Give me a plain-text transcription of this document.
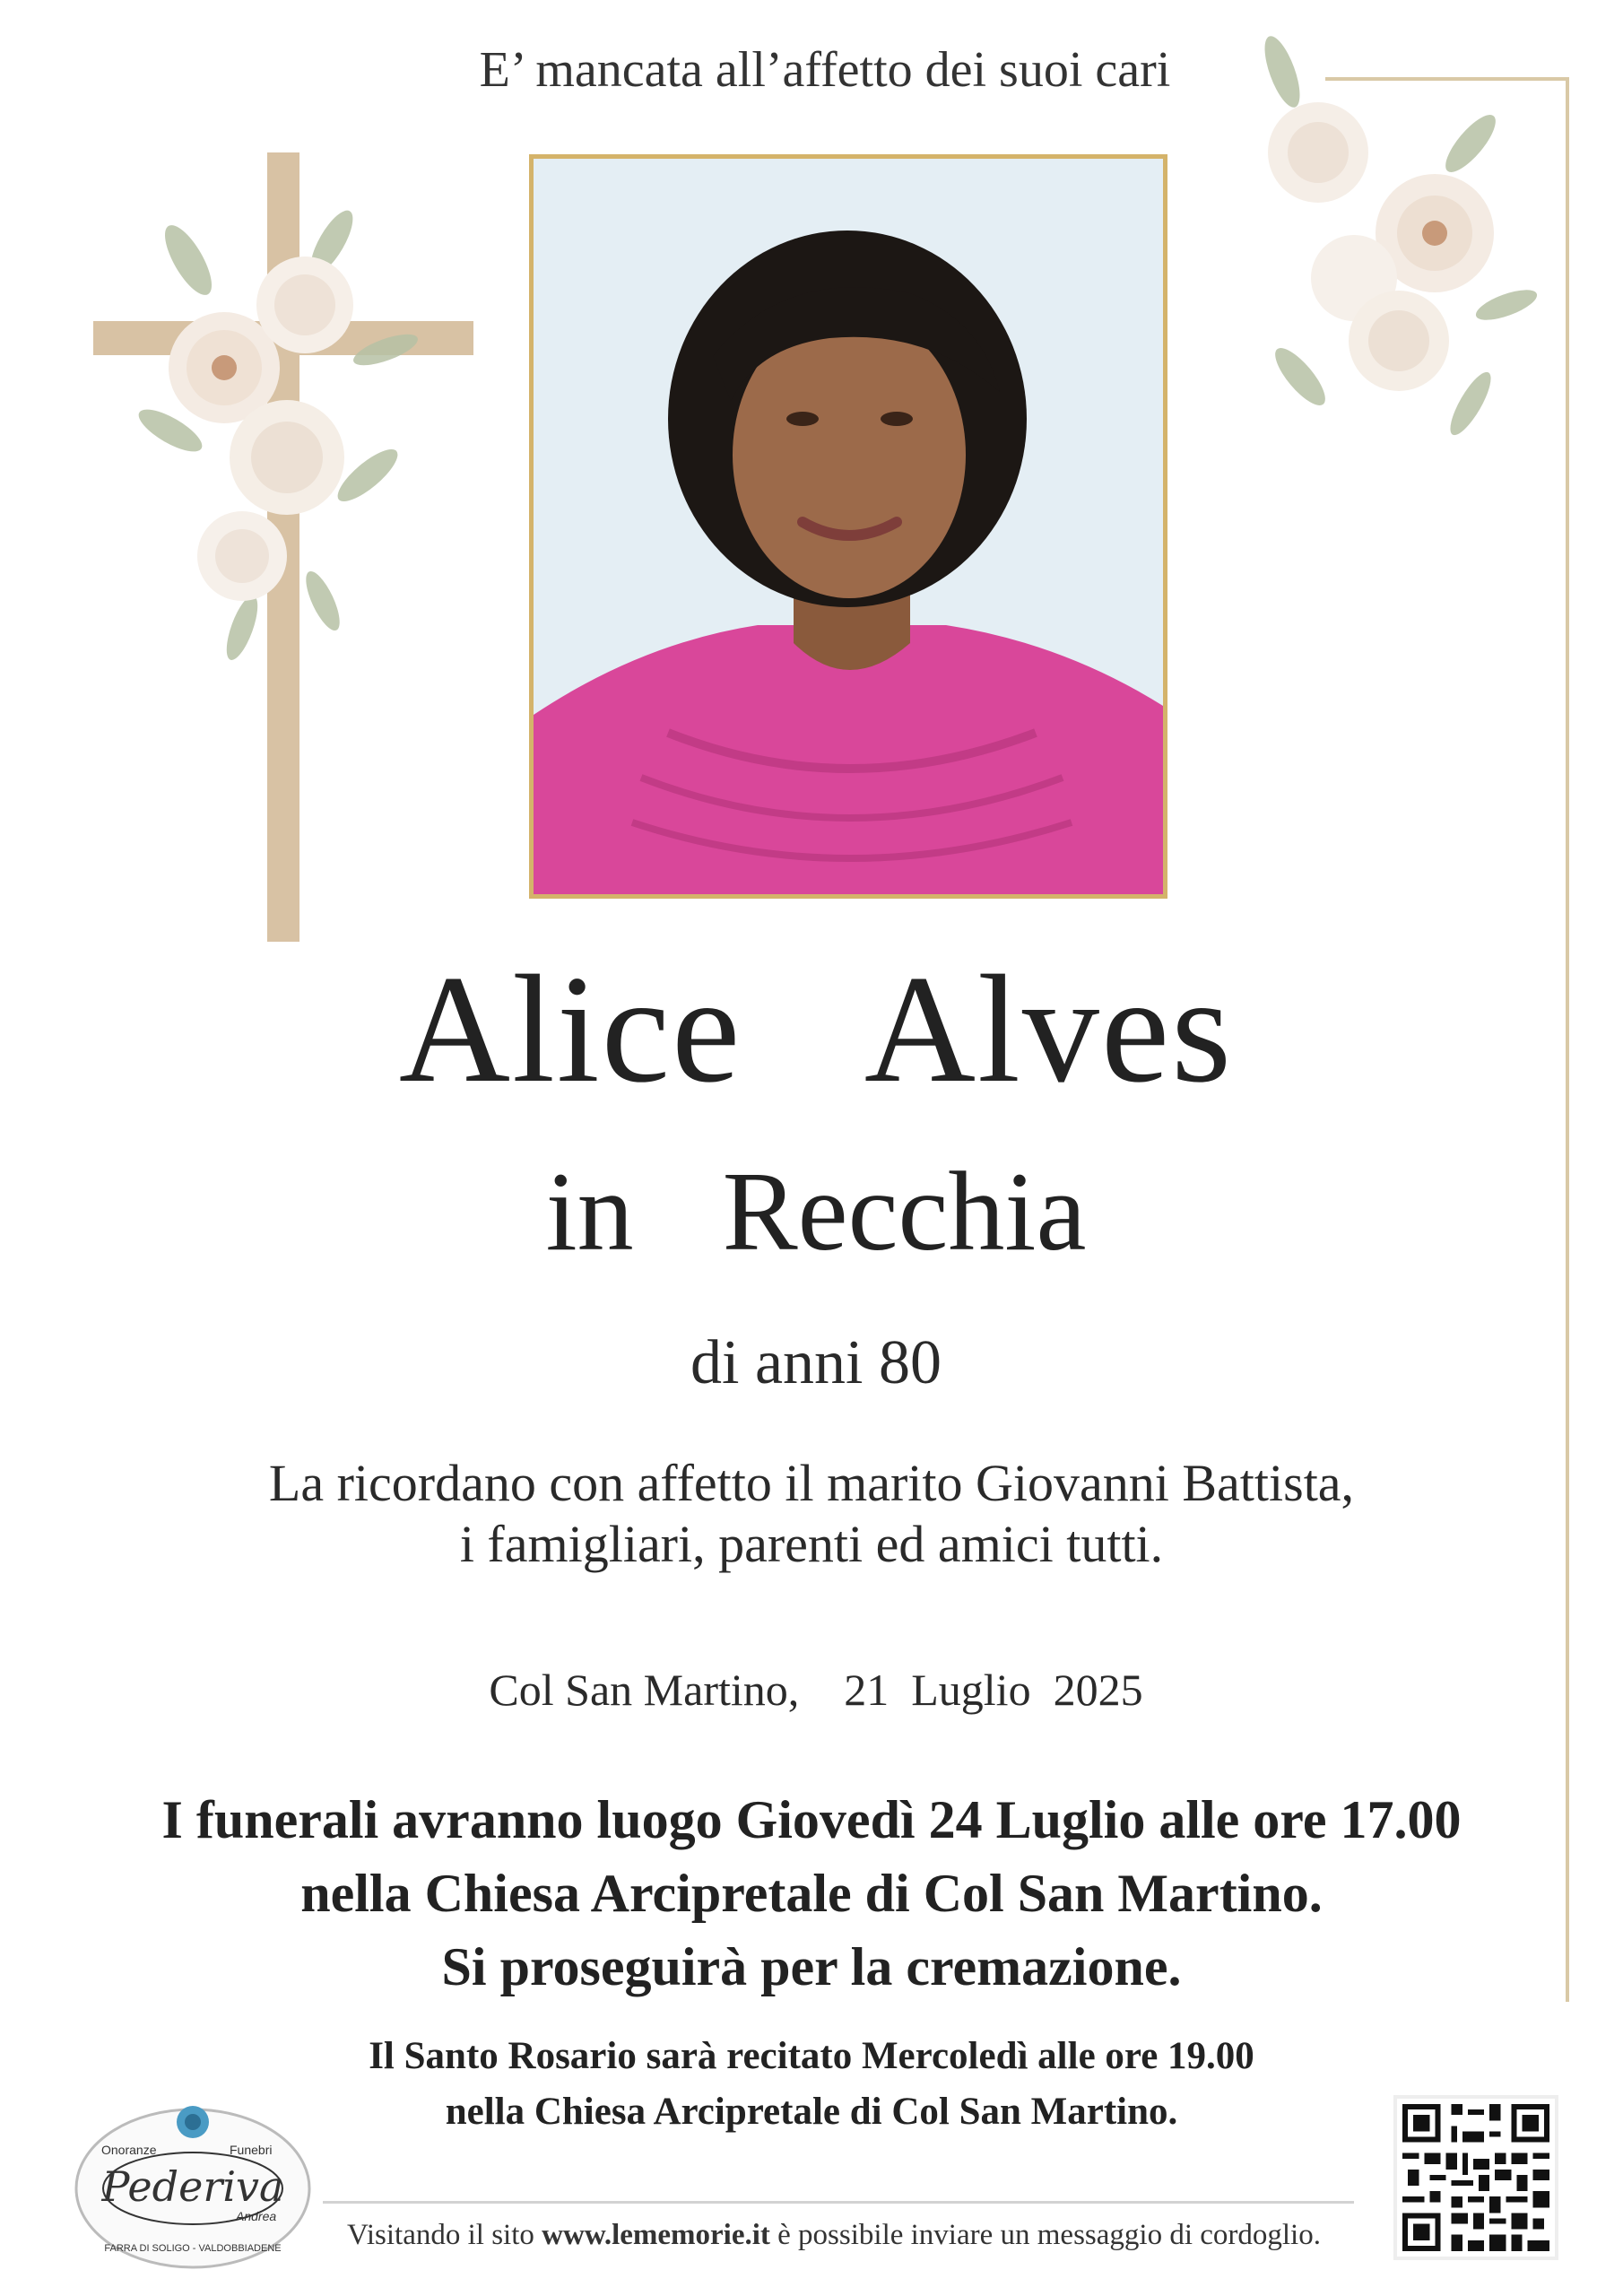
E’ mancata all’affetto dei suoi cari
Alice  Alves
in  Recchia
di anni 80
La ricordano con affetto il marito Giovanni Battista,
i famigliari, parenti ed amici tutti.
Col San Martino,    21  Luglio  2025
I funerali avranno luogo Giovedì 24 Luglio alle ore 17.00
nella Chiesa Arcipretale di Col San Martino.
Si proseguirà per la cremazione.
Il Santo Rosario sarà recitato Mercoledì alle ore 19.00
nella Chiesa Arcipretale di Col San Martino.
Onoranze	Funebri
Pederiva
Andrea
FARRA DI SOLIGO - VALDOBBIADENE	Visitando il sito www.lememorie.it è possibile inviare un messaggio di cordoglio.
